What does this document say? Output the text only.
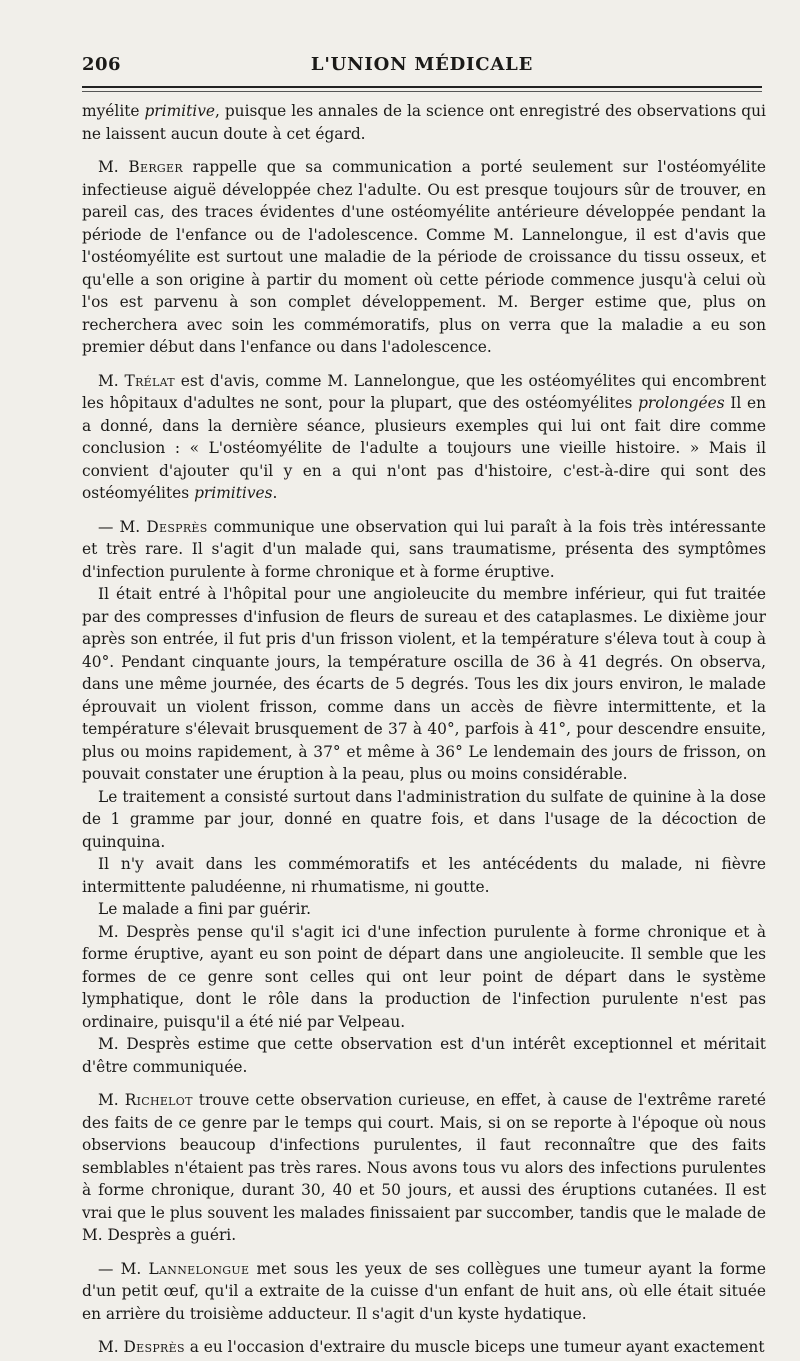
206	L'UNION MÉDICALE

myélite primitive, puisque les annales de la science ont enregistré des observations qui ne laissent aucun doute à cet égard.

M. Berger rappelle que sa communication a porté seulement sur l'ostéomyélite infectieuse aiguë développée chez l'adulte. Ou est presque toujours sûr de trouver, en pareil cas, des traces évidentes d'une ostéomyélite antérieure développée pendant la période de l'enfance ou de l'adolescence. Comme M. Lannelongue, il est d'avis que l'ostéomyélite est surtout une maladie de la période de croissance du tissu osseux, et qu'elle a son origine à partir du moment où cette période commence jusqu'à celui où l'os est parvenu à son complet développement. M. Berger estime que, plus on recherchera avec soin les commémoratifs, plus on verra que la maladie a eu son premier début dans l'enfance ou dans l'adolescence.

M. Trélat est d'avis, comme M. Lannelongue, que les ostéomyélites qui encombrent les hôpitaux d'adultes ne sont, pour la plupart, que des ostéomyélites prolongées Il en a donné, dans la dernière séance, plusieurs exemples qui lui ont fait dire comme conclusion : « L'ostéomyélite de l'adulte a toujours une vieille histoire. » Mais il convient d'ajouter qu'il y en a qui n'ont pas d'histoire, c'est-à-dire qui sont des ostéomyélites primitives.

— M. Desprès communique une observation qui lui paraît à la fois très intéressante et très rare. Il s'agit d'un malade qui, sans traumatisme, présenta des symptômes d'infection purulente à forme chronique et à forme éruptive.

Il était entré à l'hôpital pour une angioleucite du membre inférieur, qui fut traitée par des compresses d'infusion de fleurs de sureau et des cataplasmes. Le dixième jour après son entrée, il fut pris d'un frisson violent, et la température s'éleva tout à coup à 40°. Pendant cinquante jours, la température oscilla de 36 à 41 degrés. On observa, dans une même journée, des écarts de 5 degrés. Tous les dix jours environ, le malade éprouvait un violent frisson, comme dans un accès de fièvre intermittente, et la température s'élevait brusquement de 37 à 40°, parfois à 41°, pour descendre ensuite, plus ou moins rapidement, à 37° et même à 36° Le lendemain des jours de frisson, on pouvait constater une éruption à la peau, plus ou moins considérable.

Le traitement a consisté surtout dans l'administration du sulfate de quinine à la dose de 1 gramme par jour, donné en quatre fois, et dans l'usage de la décoction de quinquina.

Il n'y avait dans les commémoratifs et les antécédents du malade, ni fièvre intermittente paludéenne, ni rhumatisme, ni goutte.

Le malade a fini par guérir.

M. Desprès pense qu'il s'agit ici d'une infection purulente à forme chronique et à forme éruptive, ayant eu son point de départ dans une angioleucite. Il semble que les formes de ce genre sont celles qui ont leur point de départ dans le système lymphatique, dont le rôle dans la production de l'infection purulente n'est pas ordinaire, puisqu'il a été nié par Velpeau.

M. Desprès estime que cette observation est d'un intérêt exceptionnel et méritait d'être communiquée.

M. Richelot trouve cette observation curieuse, en effet, à cause de l'extrême rareté des faits de ce genre par le temps qui court. Mais, si on se reporte à l'époque où nous observions beaucoup d'infections purulentes, il faut reconnaître que des faits semblables n'étaient pas très rares. Nous avons tous vu alors des infections purulentes à forme chronique, durant 30, 40 et 50 jours, et aussi des éruptions cutanées. Il est vrai que le plus souvent les malades finissaient par succomber, tandis que le malade de M. Desprès a guéri.

— M. Lannelongue met sous les yeux de ses collègues une tumeur ayant la forme d'un petit œuf, qu'il a extraite de la cuisse d'un enfant de huit ans, où elle était située en arrière du troisième adducteur. Il s'agit d'un kyste hydatique.

M. Desprès a eu l'occasion d'extraire du muscle biceps une tumeur ayant exactement
